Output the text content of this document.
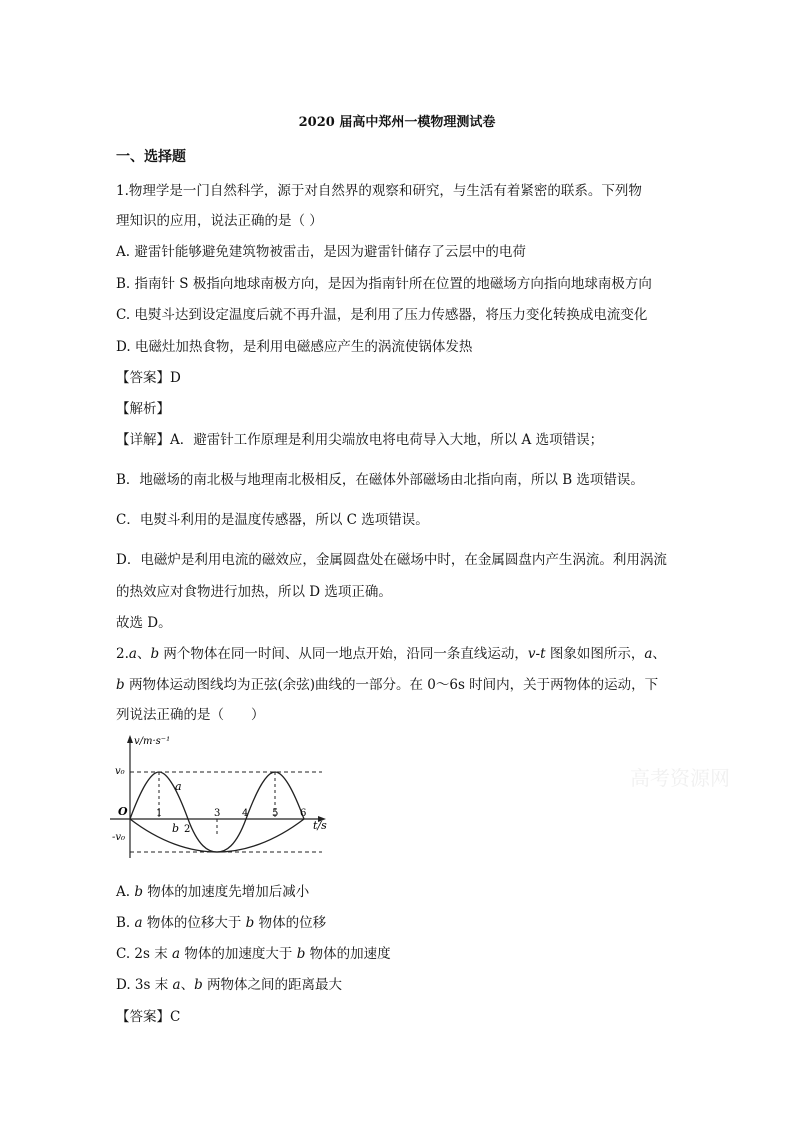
2020 届高中郑州一模物理测试卷
一、选择题
1.物理学是一门自然科学，源于对自然界的观察和研究，与生活有着紧密的联系。下列物
理知识的应用，说法正确的是（ ）
A. 避雷针能够避免建筑物被雷击，是因为避雷针储存了云层中的电荷
B. 指南针 S 极指向地球南极方向，是因为指南针所在位置的地磁场方向指向地球南极方向
C. 电熨斗达到设定温度后就不再升温，是利用了压力传感器，将压力变化转换成电流变化
D. 电磁灶加热食物，是利用电磁感应产生的涡流使锅体发热
【答案】D
【解析】
【详解】A．避雷针工作原理是利用尖端放电将电荷导入大地，所以 A 选项错误；
B．地磁场的南北极与地理南北极相反，在磁体外部磁场由北指向南，所以 B 选项错误。
C．电熨斗利用的是温度传感器，所以 C 选项错误。
D．电磁炉是利用电流的磁效应，金属圆盘处在磁场中时，在金属圆盘内产生涡流。利用涡流
的热效应对食物进行加热，所以 D 选项正确。
故选 D。
2.a、b 两个物体在同一时间、从同一地点开始，沿同一条直线运动，v-t 图象如图所示，a、
b 两物体运动图线均为正弦(余弦)曲线的一部分。在 0～6s 时间内，关于两物体的运动，下
列说法正确的是（　　）
v/m·s⁻¹
t/s
v₀
-v₀
O
a
b
1
2
3 4 5 6
高考资源网
A. b 物体的加速度先增加后减小
B. a 物体的位移大于 b 物体的位移
C. 2s 末 a 物体的加速度大于 b 物体的加速度
D. 3s 末 a、b 两物体之间的距离最大
【答案】C
